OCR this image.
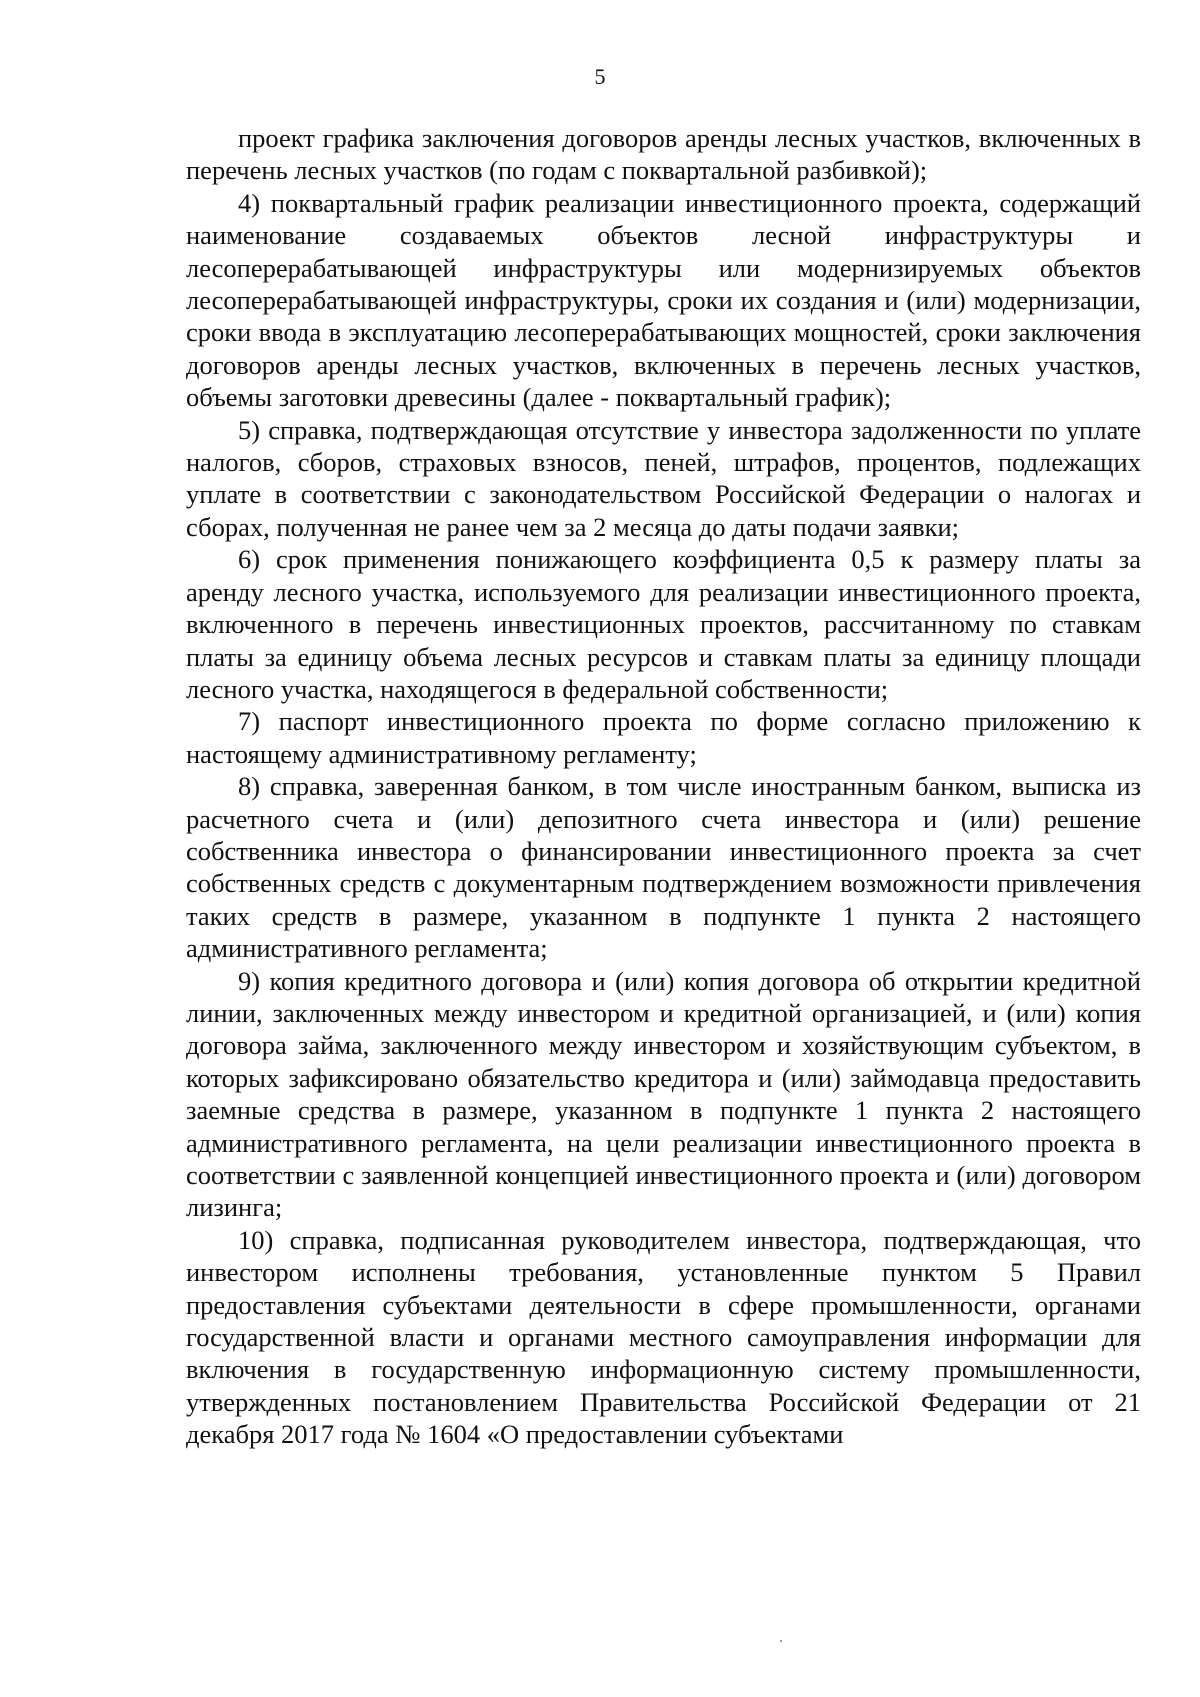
5

проект графика заключения договоров аренды лесных участков, включенных в перечень лесных участков (по годам с поквартальной разбивкой);

4) поквартальный график реализации инвестиционного проекта, содержащий наименование создаваемых объектов лесной инфраструктуры и лесоперерабатывающей инфраструктуры или модернизируемых объектов лесоперерабатывающей инфраструктуры, сроки их создания и (или) модернизации, сроки ввода в эксплуатацию лесоперерабатывающих мощностей, сроки заключения договоров аренды лесных участков, включенных в перечень лесных участков, объемы заготовки древесины (далее - поквартальный график);

5) справка, подтверждающая отсутствие у инвестора задолженности по уплате налогов, сборов, страховых взносов, пеней, штрафов, процентов, подлежащих уплате в соответствии с законодательством Российской Федерации о налогах и сборах, полученная не ранее чем за 2 месяца до даты подачи заявки;

6) срок применения понижающего коэффициента 0,5 к размеру платы за аренду лесного участка, используемого для реализации инвестиционного проекта, включенного в перечень инвестиционных проектов, рассчитанному по ставкам платы за единицу объема лесных ресурсов и ставкам платы за единицу площади лесного участка, находящегося в федеральной собственности;

7) паспорт инвестиционного проекта по форме согласно приложению к настоящему административному регламенту;

8) справка, заверенная банком, в том числе иностранным банком, выписка из расчетного счета и (или) депозитного счета инвестора и (или) решение собственника инвестора о финансировании инвестиционного проекта за счет собственных средств с документарным подтверждением возможности привлечения таких средств в размере, указанном в подпункте 1 пункта 2 настоящего административного регламента;

9) копия кредитного договора и (или) копия договора об открытии кредитной линии, заключенных между инвестором и кредитной организацией, и (или) копия договора займа, заключенного между инвестором и хозяйствующим субъектом, в которых зафиксировано обязательство кредитора и (или) займодавца предоставить заемные средства в размере, указанном в подпункте 1 пункта 2 настоящего административного регламента, на цели реализации инвестиционного проекта в соответствии с заявленной концепцией инвестиционного проекта и (или) договором лизинга;

10) справка, подписанная руководителем инвестора, подтверждающая, что инвестором исполнены требования, установленные пунктом 5 Правил предоставления субъектами деятельности в сфере промышленности, органами государственной власти и органами местного самоуправления информации для включения в государственную информационную систему промышленности, утвержденных постановлением Правительства Российской Федерации от 21 декабря 2017 года № 1604 «О предоставлении субъектами
